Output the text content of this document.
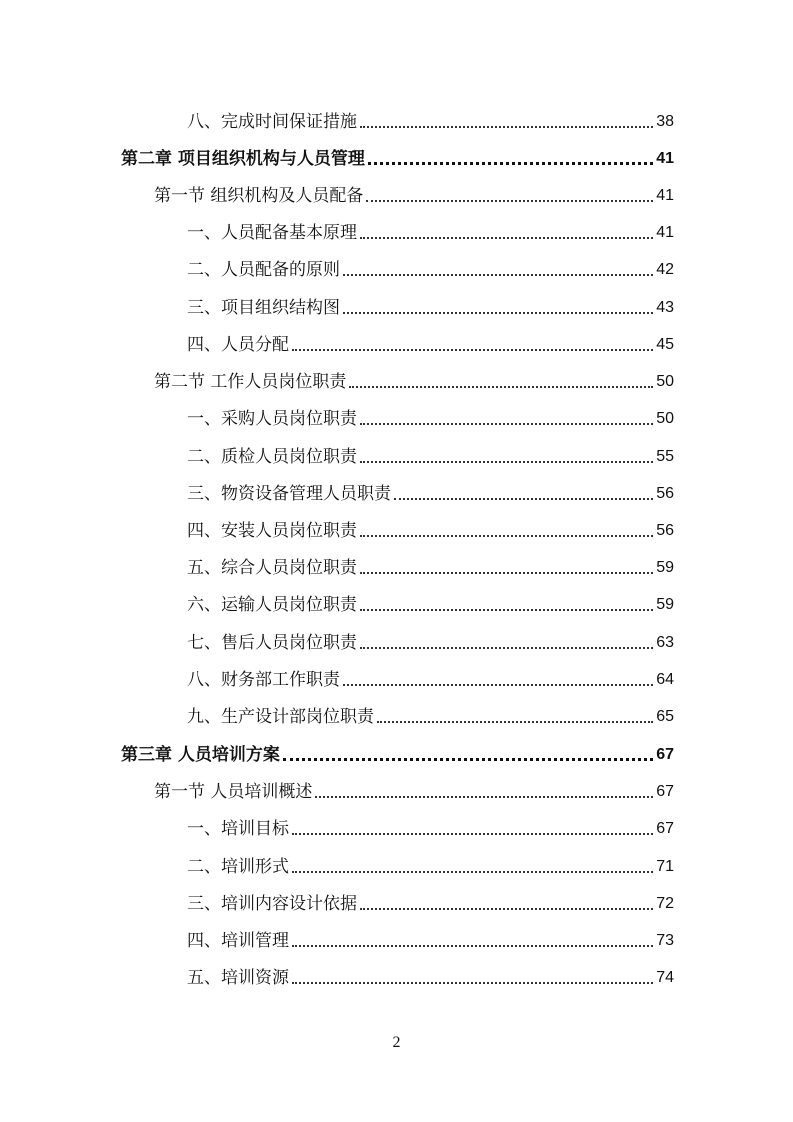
八、完成时间保证措施	38
第二章 项目组织机构与人员管理	41
第一节 组织机构及人员配备	41
一、人员配备基本原理	41
二、人员配备的原则	42
三、项目组织结构图	43
四、人员分配	45
第二节 工作人员岗位职责	50
一、采购人员岗位职责	50
二、质检人员岗位职责	55
三、物资设备管理人员职责	56
四、安装人员岗位职责	56
五、综合人员岗位职责	59
六、运输人员岗位职责	59
七、售后人员岗位职责	63
八、财务部工作职责	64
九、生产设计部岗位职责	65
第三章 人员培训方案	67
第一节 人员培训概述	67
一、培训目标	67
二、培训形式	71
三、培训内容设计依据	72
四、培训管理	73
五、培训资源	74
2
